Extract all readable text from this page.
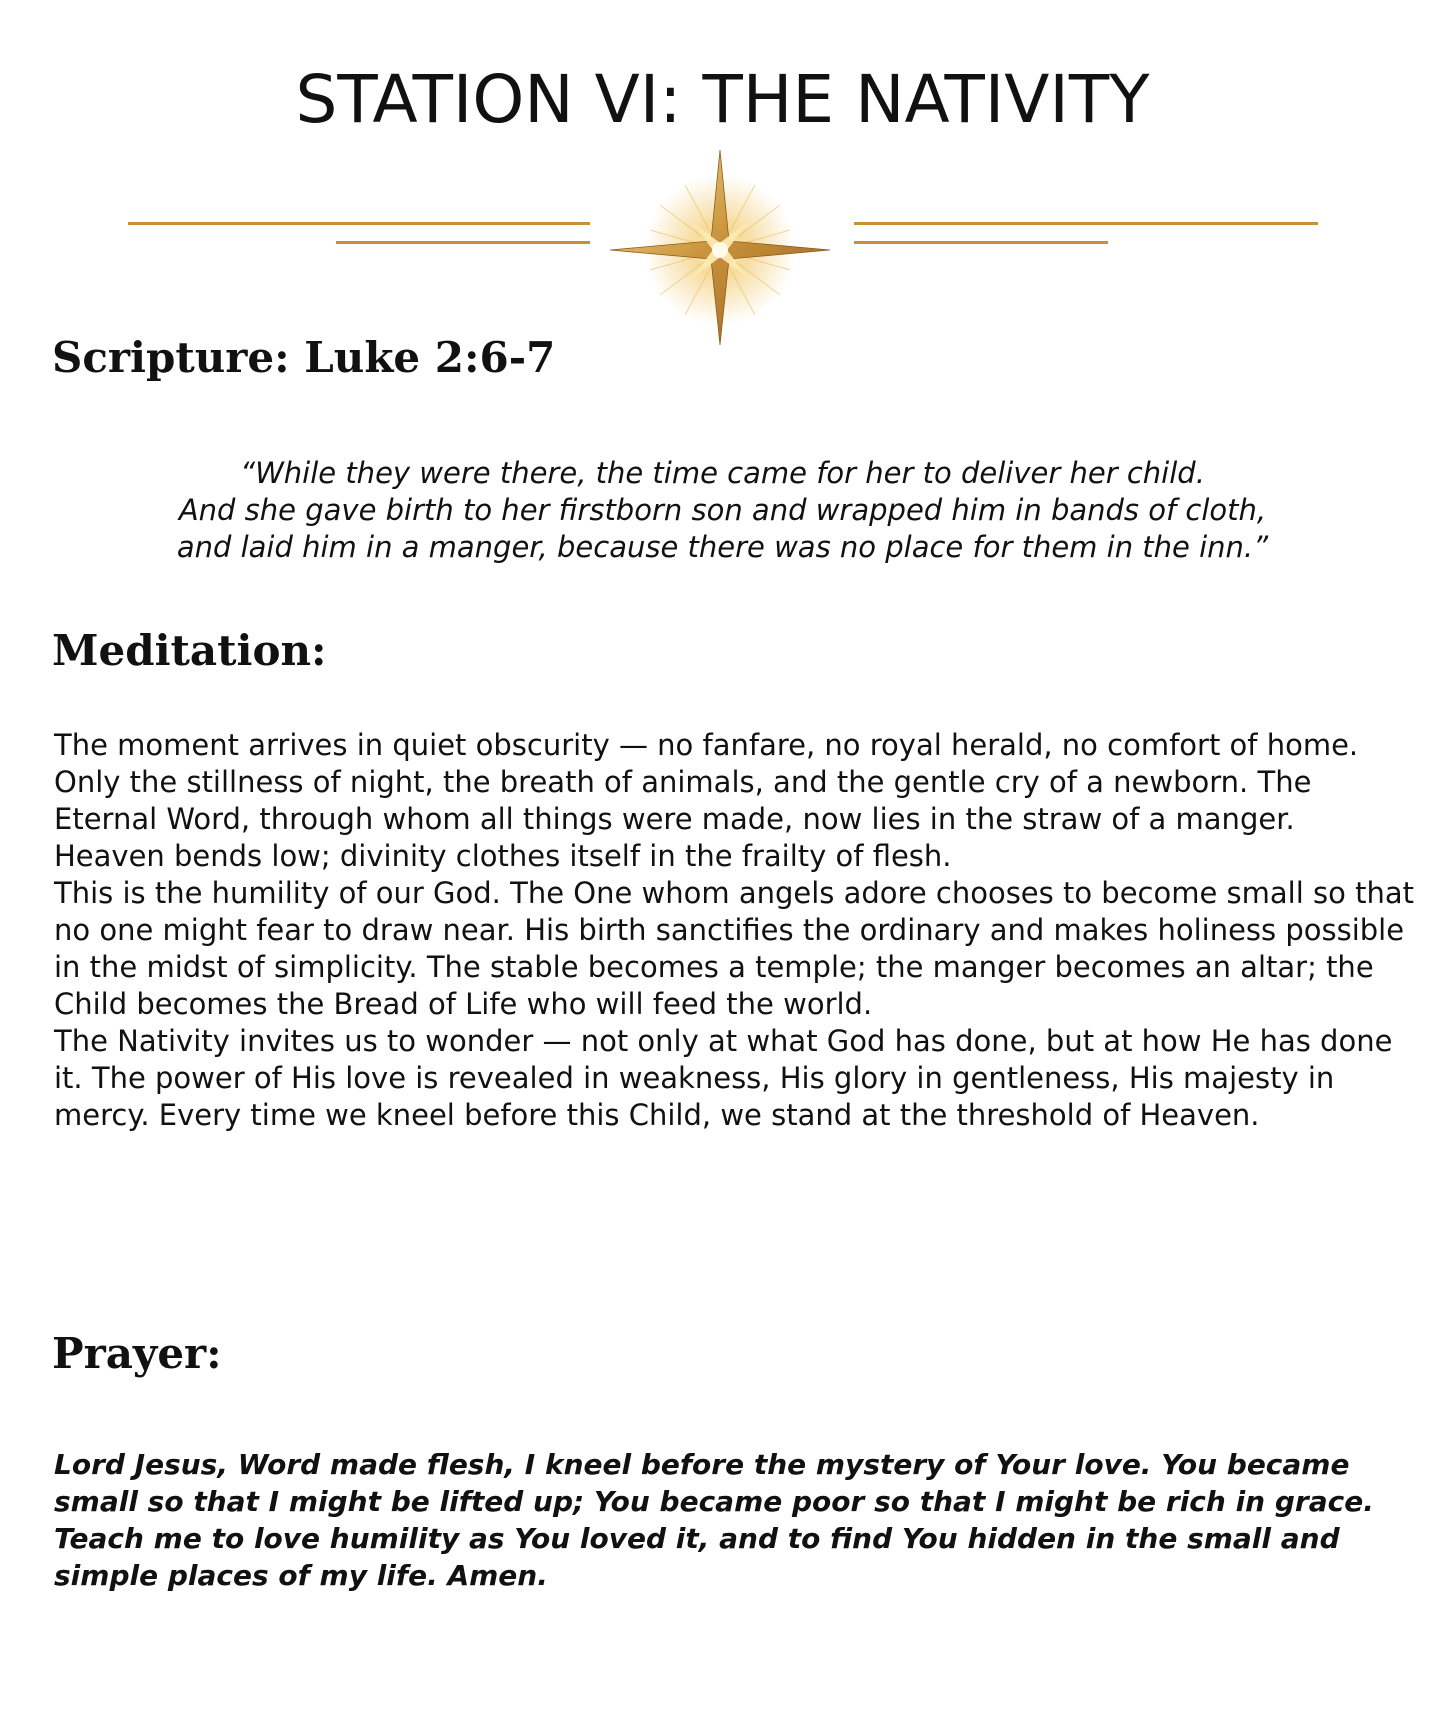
STATION VI: THE NATIVITY
Scripture: Luke 2:6-7
“While they were there, the time came for her to deliver her child.
And she gave birth to her firstborn son and wrapped him in bands of cloth,
and laid him in a manger, because there was no place for them in the inn.”
Meditation:

The moment arrives in quiet obscurity — no fanfare, no royal herald, no comfort of home. Only the stillness of night, the breath of animals, and the gentle cry of a newborn. The Eternal Word, through whom all things were made, now lies in the straw of a manger. Heaven bends low; divinity clothes itself in the frailty of flesh.

This is the humility of our God. The One whom angels adore chooses to become small so that no one might fear to draw near. His birth sanctifies the ordinary and makes holiness possible in the midst of simplicity. The stable becomes a temple; the manger becomes an altar; the Child becomes the Bread of Life who will feed the world.

The Nativity invites us to wonder — not only at what God has done, but at how He has done it. The power of His love is revealed in weakness, His glory in gentleness, His majesty in mercy. Every time we kneel before this Child, we stand at the threshold of Heaven.

Prayer:

Lord Jesus, Word made flesh, I kneel before the mystery of Your love. You became small so that I might be lifted up; You became poor so that I might be rich in grace. Teach me to love humility as You loved it, and to find You hidden in the small and simple places of my life. Amen.
